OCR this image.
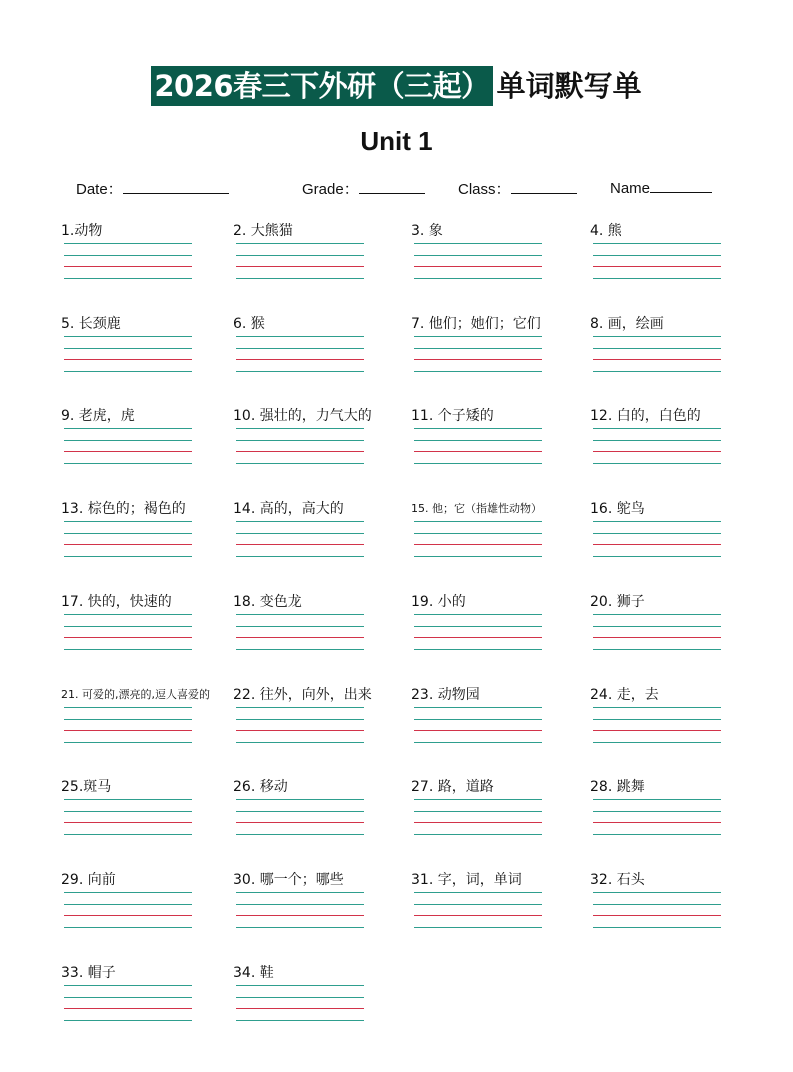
2026春三下外研（三起） 单词默写单
Unit 1
Date：	Grade：	Class：	Name
1.动物	2. 大熊猫	3. 象	4. 熊
5. 长颈鹿	6. 猴	7. 他们；她们；它们	8. 画，绘画
9. 老虎，虎	10. 强壮的，力气大的	11. 个子矮的	12. 白的，白色的
13. 棕色的；褐色的	14. 高的，高大的	15. 他；它（指雄性动物）	16. 鸵鸟
17. 快的，快速的	18. 变色龙	19. 小的	20. 狮子
21. 可爱的,漂亮的,逗人喜爱的 22. 往外，向外，出来	23. 动物园	24. 走，去
25.斑马	26. 移动	27. 路，道路	28. 跳舞
29. 向前	30. 哪一个；哪些	31. 字，词，单词	32. 石头
33. 帽子	34. 鞋
